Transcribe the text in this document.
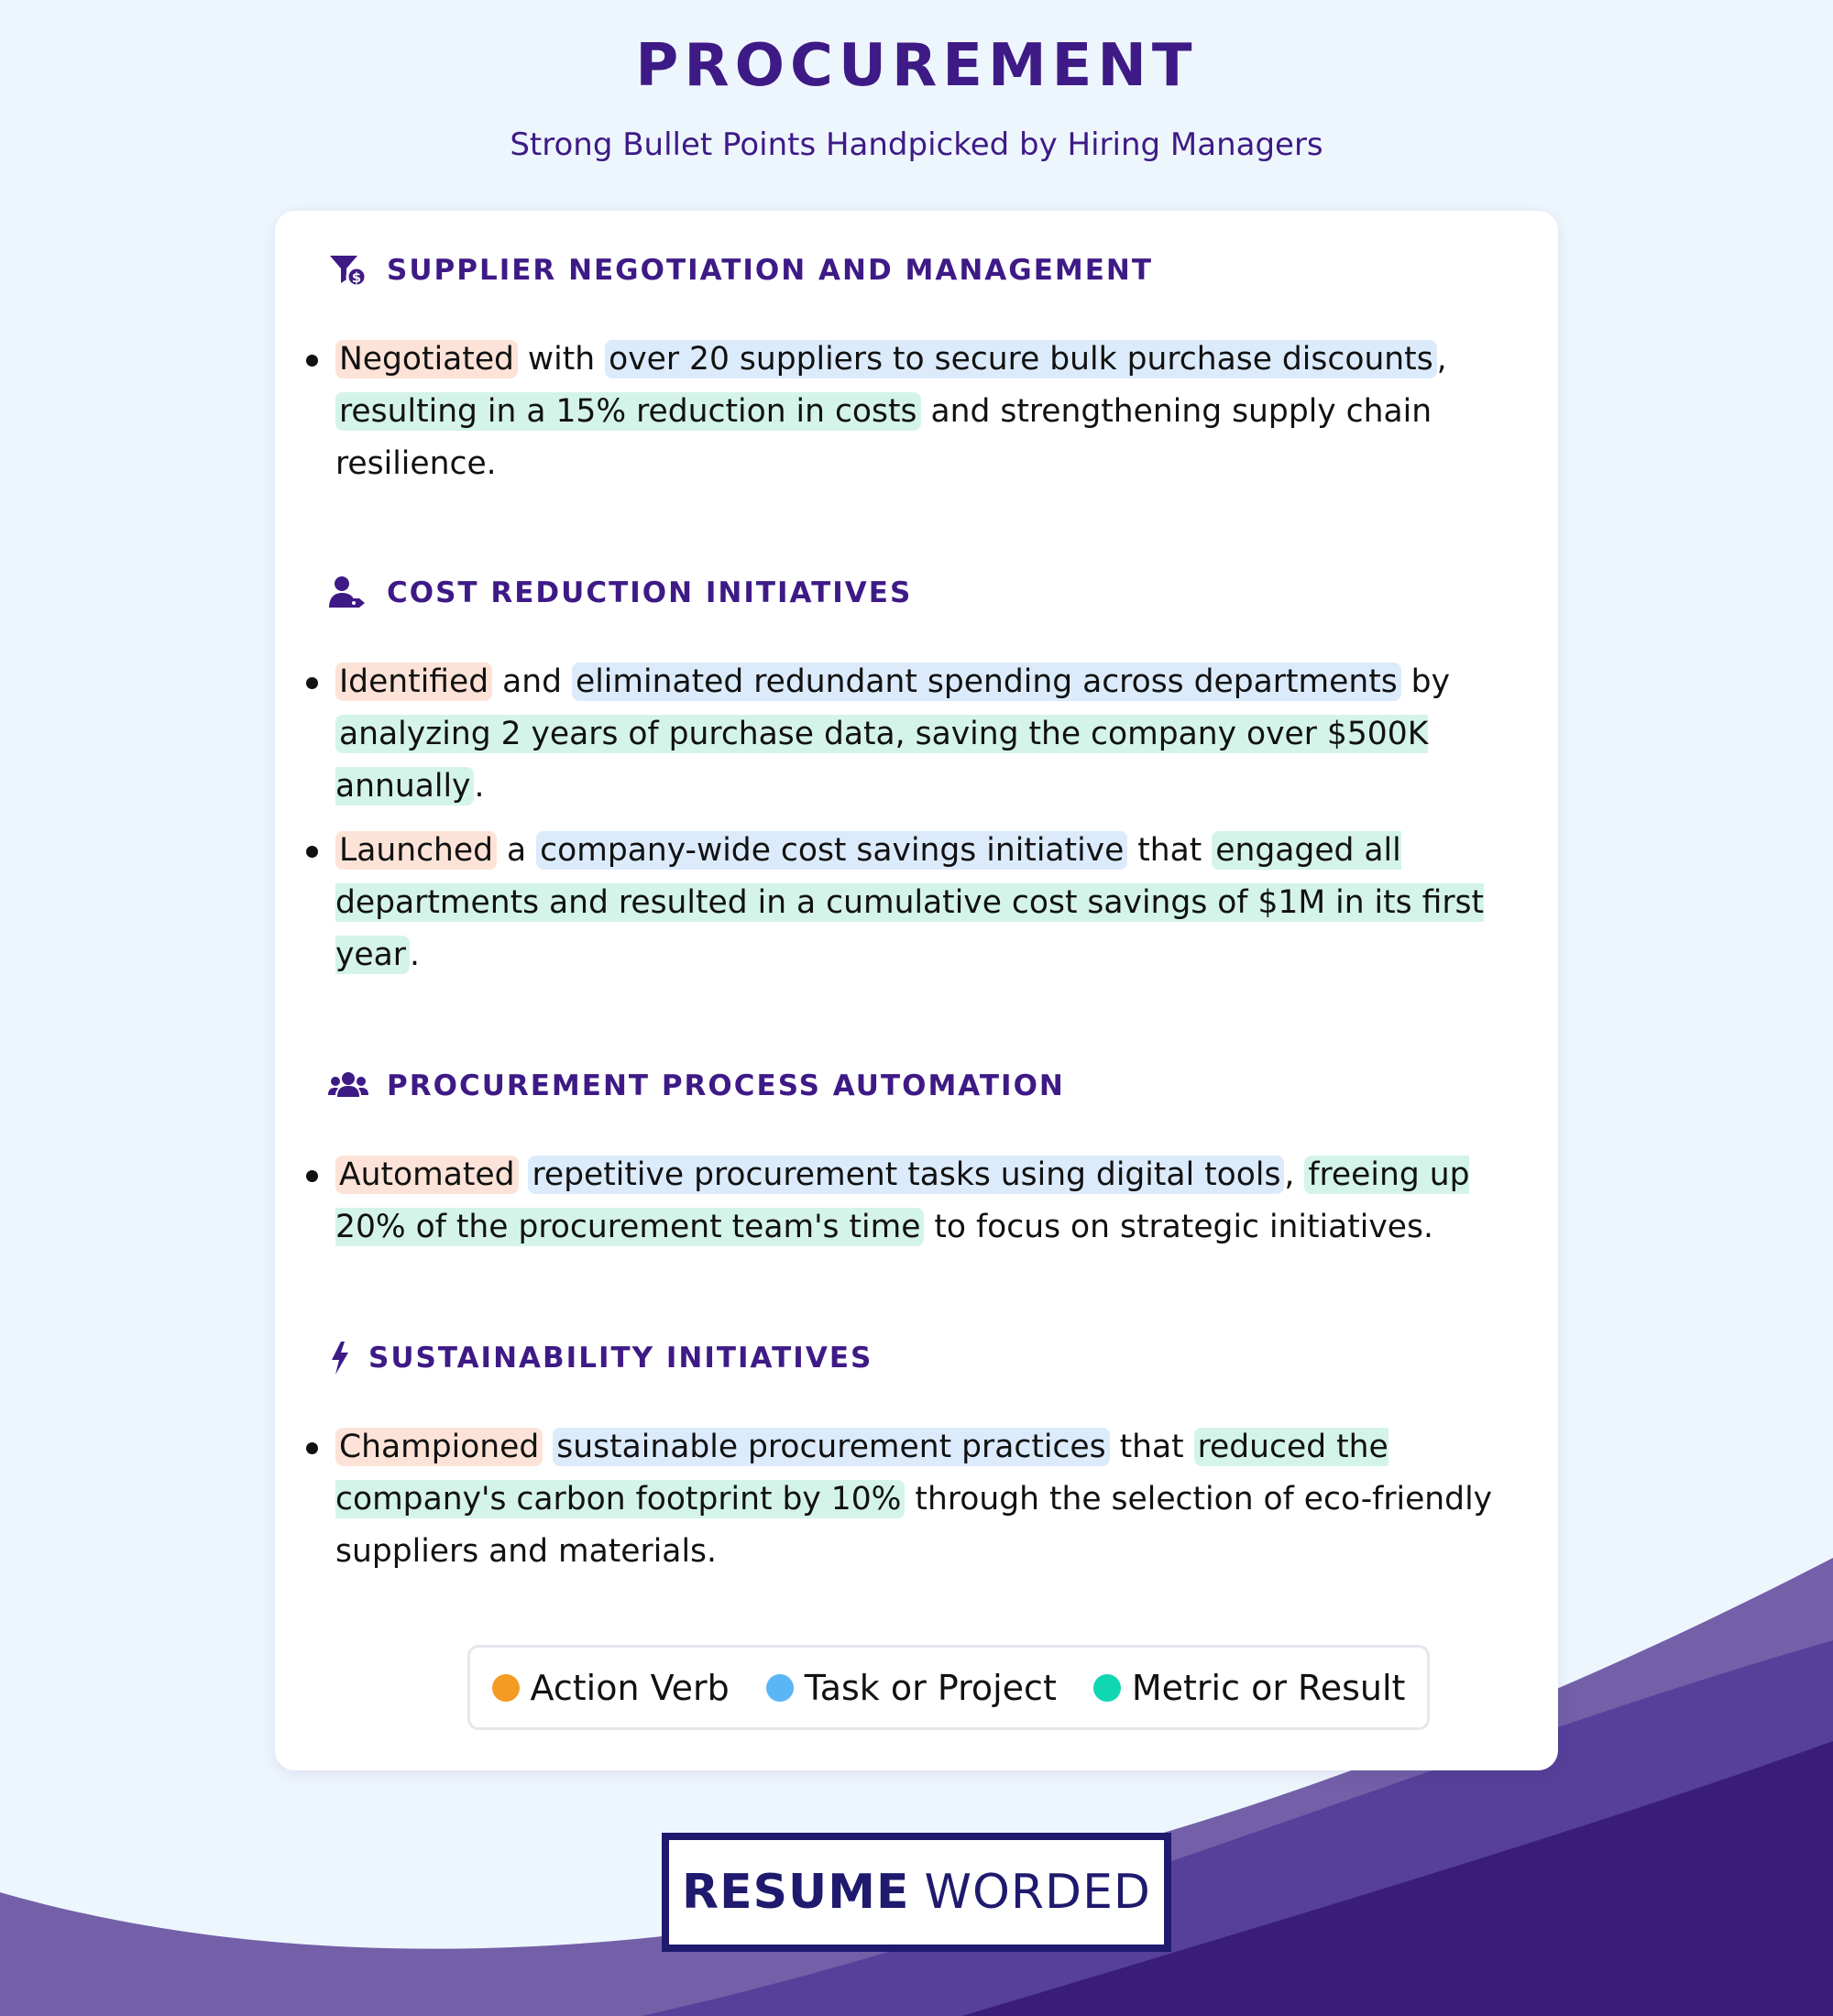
PROCUREMENT
Strong Bullet Points Handpicked by Hiring Managers
$ SUPPLIER NEGOTIATION AND MANAGEMENT
Negotiated with over 20 suppliers to secure bulk purchase discounts , resulting in a 15% reduction in costs and strengthening supply chain resilience.
COST REDUCTION INITIATIVES
Identified and eliminated redundant spending across departments by analyzing 2 years of purchase data, saving the company over $500K annually .
Launched a company-wide cost savings initiative that engaged all departments and resulted in a cumulative cost savings of $1M in its first year .
PROCUREMENT PROCESS AUTOMATION
Automated repetitive procurement tasks using digital tools , freeing up 20% of the procurement team's time to focus on strategic initiatives.
SUSTAINABILITY INITIATIVES
Championed sustainable procurement practices that reduced the company's carbon footprint by 10% through the selection of eco-friendly suppliers and materials.
Action Verb Task or Project Metric or Result
RESUME WORDED
